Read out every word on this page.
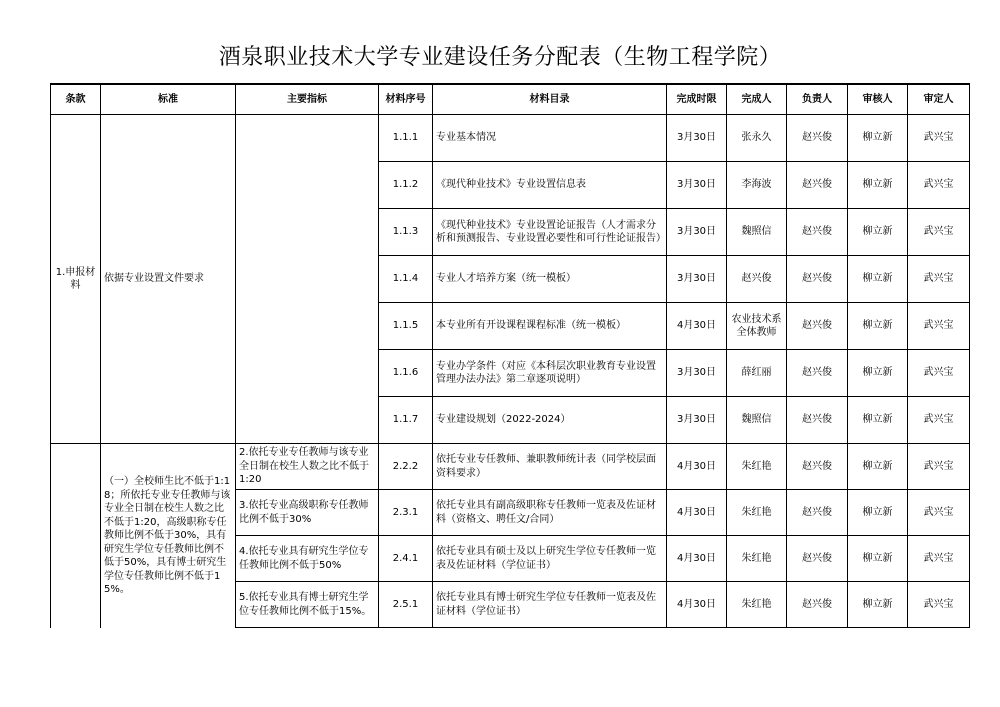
酒泉职业技术大学专业建设任务分配表（生物工程学院）
条款	标准	主要指标	材料序号	材料目录	完成时限	完成人	负责人	审核人	审定人
1.申报材料	依据专业设置文件要求		1.1.1	专业基本情况	3月30日	张永久	赵兴俊	柳立新	武兴宝
			1.1.2	《现代种业技术》专业设置信息表	3月30日	李海波	赵兴俊	柳立新	武兴宝
			1.1.3	《现代种业技术》专业设置论证报告（人才需求分析和预测报告、专业设置必要性和可行性论证报告）	3月30日	魏照信	赵兴俊	柳立新	武兴宝
			1.1.4	专业人才培养方案（统一模板）	3月30日	赵兴俊	赵兴俊	柳立新	武兴宝
			1.1.5	本专业所有开设课程课程标准（统一模板）	4月30日	农业技术系全体教师	赵兴俊	柳立新	武兴宝
			1.1.6	专业办学条件（对应《本科层次职业教育专业设置管理办法办法》第二章逐项说明）	3月30日	薛红丽	赵兴俊	柳立新	武兴宝
			1.1.7	专业建设规划（2022-2024）	3月30日	魏照信	赵兴俊	柳立新	武兴宝
	（一）全校师生比不低于1:18；所依托专业专任教师与该专业全日制在校生人数之比不低于1:20，高级职称专任教师比例不低于30%，具有研究生学位专任教师比例不低于50%，具有博士研究生学位专任教师比例不低于15%。	2.依托专业专任教师与该专业全日制在校生人数之比不低于1:20	2.2.2	依托专业专任教师、兼职教师统计表（同学校层面资料要求）	4月30日	朱红艳	赵兴俊	柳立新	武兴宝
		3.依托专业高级职称专任教师比例不低于30%	2.3.1	依托专业具有副高级职称专任教师一览表及佐证材料（资格文、聘任文/合同）	4月30日	朱红艳	赵兴俊	柳立新	武兴宝
		4.依托专业具有研究生学位专任教师比例不低于50%	2.4.1	依托专业具有硕士及以上研究生学位专任教师一览表及佐证材料（学位证书）	4月30日	朱红艳	赵兴俊	柳立新	武兴宝
		5.依托专业具有博士研究生学位专任教师比例不低于15%。	2.5.1	依托专业具有博士研究生学位专任教师一览表及佐证材料（学位证书）	4月30日	朱红艳	赵兴俊	柳立新	武兴宝
